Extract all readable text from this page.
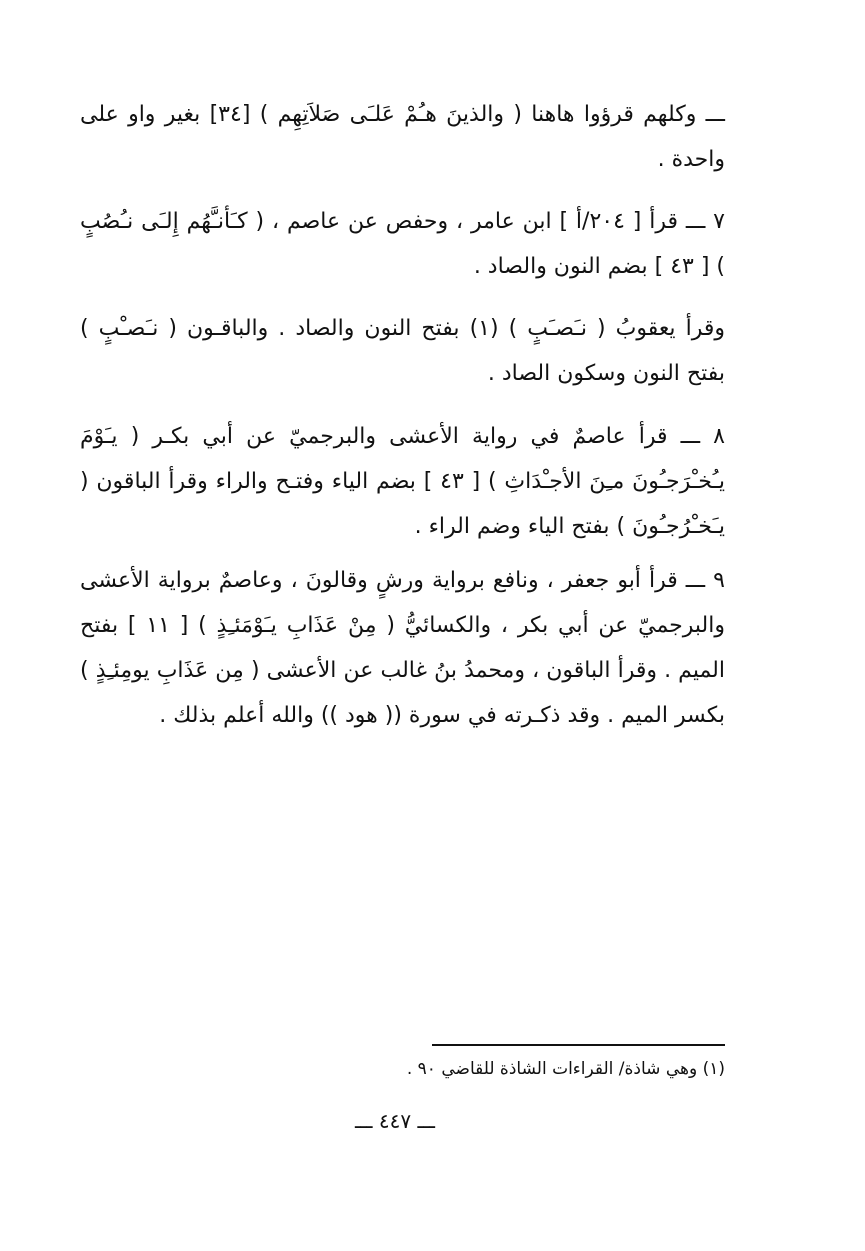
ـــ وكلهم قرؤوا هاهنا ( والذينَ هـُمْ عَلـَى صَلاَتِهِم ) [٣٤] بغير واو على واحدة .

٧ ـــ قرأ [ ٢٠٤/أ ] ابن عامر ، وحفص عن عاصم ، ( كـَأنـَّهُم إِلـَى نـُصُبٍ ) [ ٤٣ ] بضم النون والصاد .

وقرأ يعقوبُ ( نـَصـَبٍ ) (١) بفتح النون والصاد . والباقـون ( نـَصـْبٍ ) بفتح النون وسكون الصاد .

٨ ـــ قرأ عاصمٌ في رواية الأعشى والبرجميّ عن أبي بكـر ( يـَوْمَ يـُخـْرَجـُونَ مـِنَ الأجـْدَاثِ ) [ ٤٣ ] بضم الياء وفتـح والراء وقرأ الباقون ( يـَخـْرُجـُونَ ) بفتح الياء وضم الراء .

٩ ـــ قرأ أبو جعفر ، ونافع برواية ورشٍ وقالونَ ، وعاصمٌ برواية الأعشى والبرجميّ عن أبي بكر ، والكسائيُّ ( مِنْ عَذَابِ يـَوْمَئـِذٍ ) [ ١١ ] بفتح الميم . وقرأ الباقون ، ومحمدُ بنُ غالب عن الأعشى ( مِن عَذَابِ يومِئـِذٍ ) بكسر الميم . وقد ذكـرته في سورة (( هود )) والله أعلم بذلك .

(١) وهي شاذة/ القراءات الشاذة للقاضي ٩٠ .
ـــ ٤٤٧ ـــ
